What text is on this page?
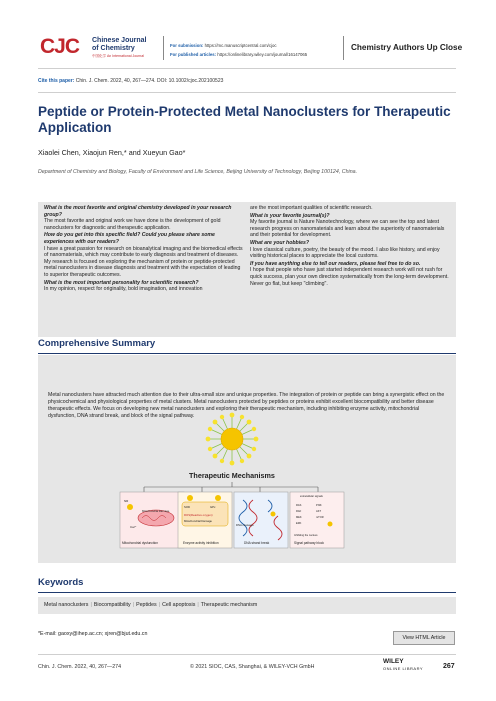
CJC	Chinese Journal
of Chemistry
中国化学 An International Journal
For submission: https://mc.manuscriptcentral.com/cjoc
For published articles: https://onlinelibrary.wiley.com/journal/16147065
Chemistry Authors Up Close
Cite this paper: Chin. J. Chem. 2022, 40, 267—274. DOI: 10.1002/cjoc.202100523
Peptide or Protein-Protected Metal Nanoclusters for Therapeutic Application
Xiaolei Chen, Xiaojun Ren,* and Xueyun Gao*
Department of Chemistry and Biology, Faculty of Environment and Life Science, Beijing University of Technology, Beijing 100124, China.
What is the most favorite and original chemistry developed in your research group?
The most favorite and original work we have done is the development of gold nanoclusters for diagnostic and therapeutic application.
How do you get into this specific field? Could you please share some experiences with our readers?
I have a great passion for research on bioanalytical imaging and the biomedical effects of nanomaterials, which may contribute to early diagnosis and treatment of diseases. My research is focused on exploring the mechanism of protein or peptide-protected metal nanoclusters in disease diagnosis and treatment with the expectation of leading to superior therapeutic outcomes.
What is the most important personality for scientific research?
In my opinion, respect for originality, bold imagination, and innovation
are the most important qualities of scientific research.
What is your favorite journal(s)?
My favorite journal is Nature Nanotechnology, where we can see the top and latest research progress on nanomaterials and learn about the superiority of nanomaterials and their potential for development.
What are your hobbies?
I love classical culture, poetry, the beauty of the mood. I also like history, and enjoy visiting historical places to appreciate the local customs.
If you have anything else to tell our readers, please feel free to do so.
I hope that people who have just started independent research work will not rush for quick success, plan your own direction systematically from the long-term development. Never go flat, but keep "climbing".
Comprehensive Summary
Metal nanoclusters have attracted much attention due to their ultra-small size and unique properties. The integration of protein or peptide can bring a synergistic effect on the physicochemical and physiological properties of metal clusters. Metal nanoclusters protected by peptides or proteins exhibit excellent biocompatibility and better disease therapeutic effects. We focus on developing new metal nanoclusters and exploring their therapeutic mechanism, including inhibiting enzyme activity, mitochondrial dysfunction, DNA strand break, and block of the signal pathway.
Therapeutic Mechanisms
NR
Ca²⁺
Mitochondria Damage
Mitochondrial dysfunction
SOD	GPx
ROS(Reactive oxygen)
Mitochondrial Damage
Enzyme activity inhibition
DNA cleavage
DNA strand break
extracellular signals
RAS
RAF
MEK
ERK
PI3K
AKT
mTOR
Inhibiting the nucleus
Signal pathway block
Keywords
Metal nanoclusters | Biocompatibility | Peptides | Cell apoptosis | Therapeutic mechanism
*E-mail: gaoxy@ihep.ac.cn; xjren@bjut.edu.cn
View HTML Article
Chin. J. Chem. 2022, 40, 267—274	© 2021 SIOC, CAS, Shanghai, & WILEY-VCH GmbH
WILEY
ONLINE LIBRARY	267
